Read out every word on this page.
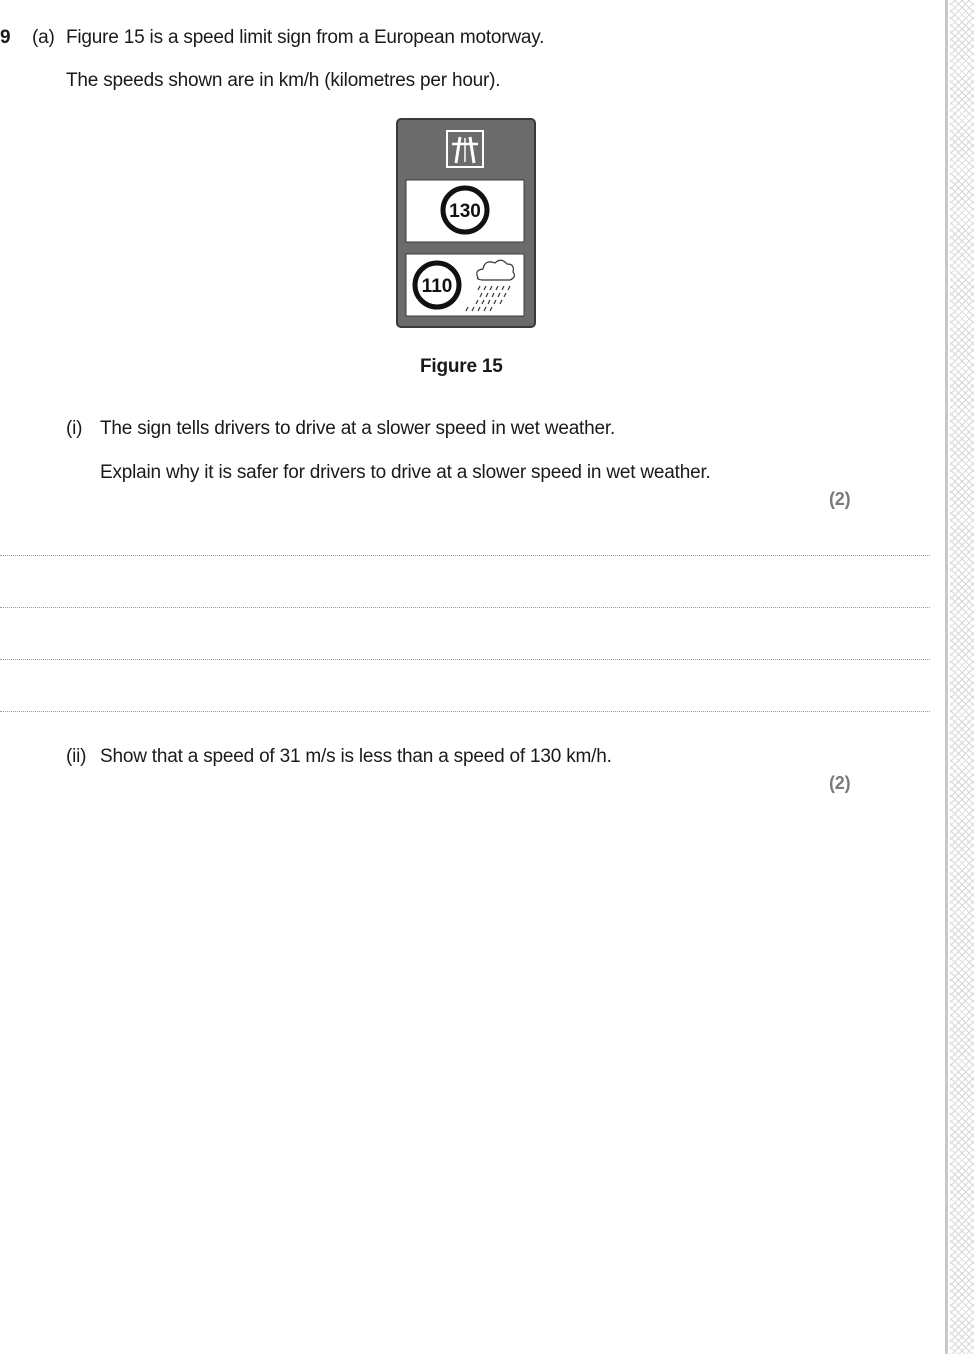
9 (a) Figure 15 is a speed limit sign from a European motorway.
The speeds shown are in km/h (kilometres per hour).
130
110
Figure 15
(i) The sign tells drivers to drive at a slower speed in wet weather.
Explain why it is safer for drivers to drive at a slower speed in wet weather.
(2)
(ii) Show that a speed of 31 m/s is less than a speed of 130 km/h.
(2)
